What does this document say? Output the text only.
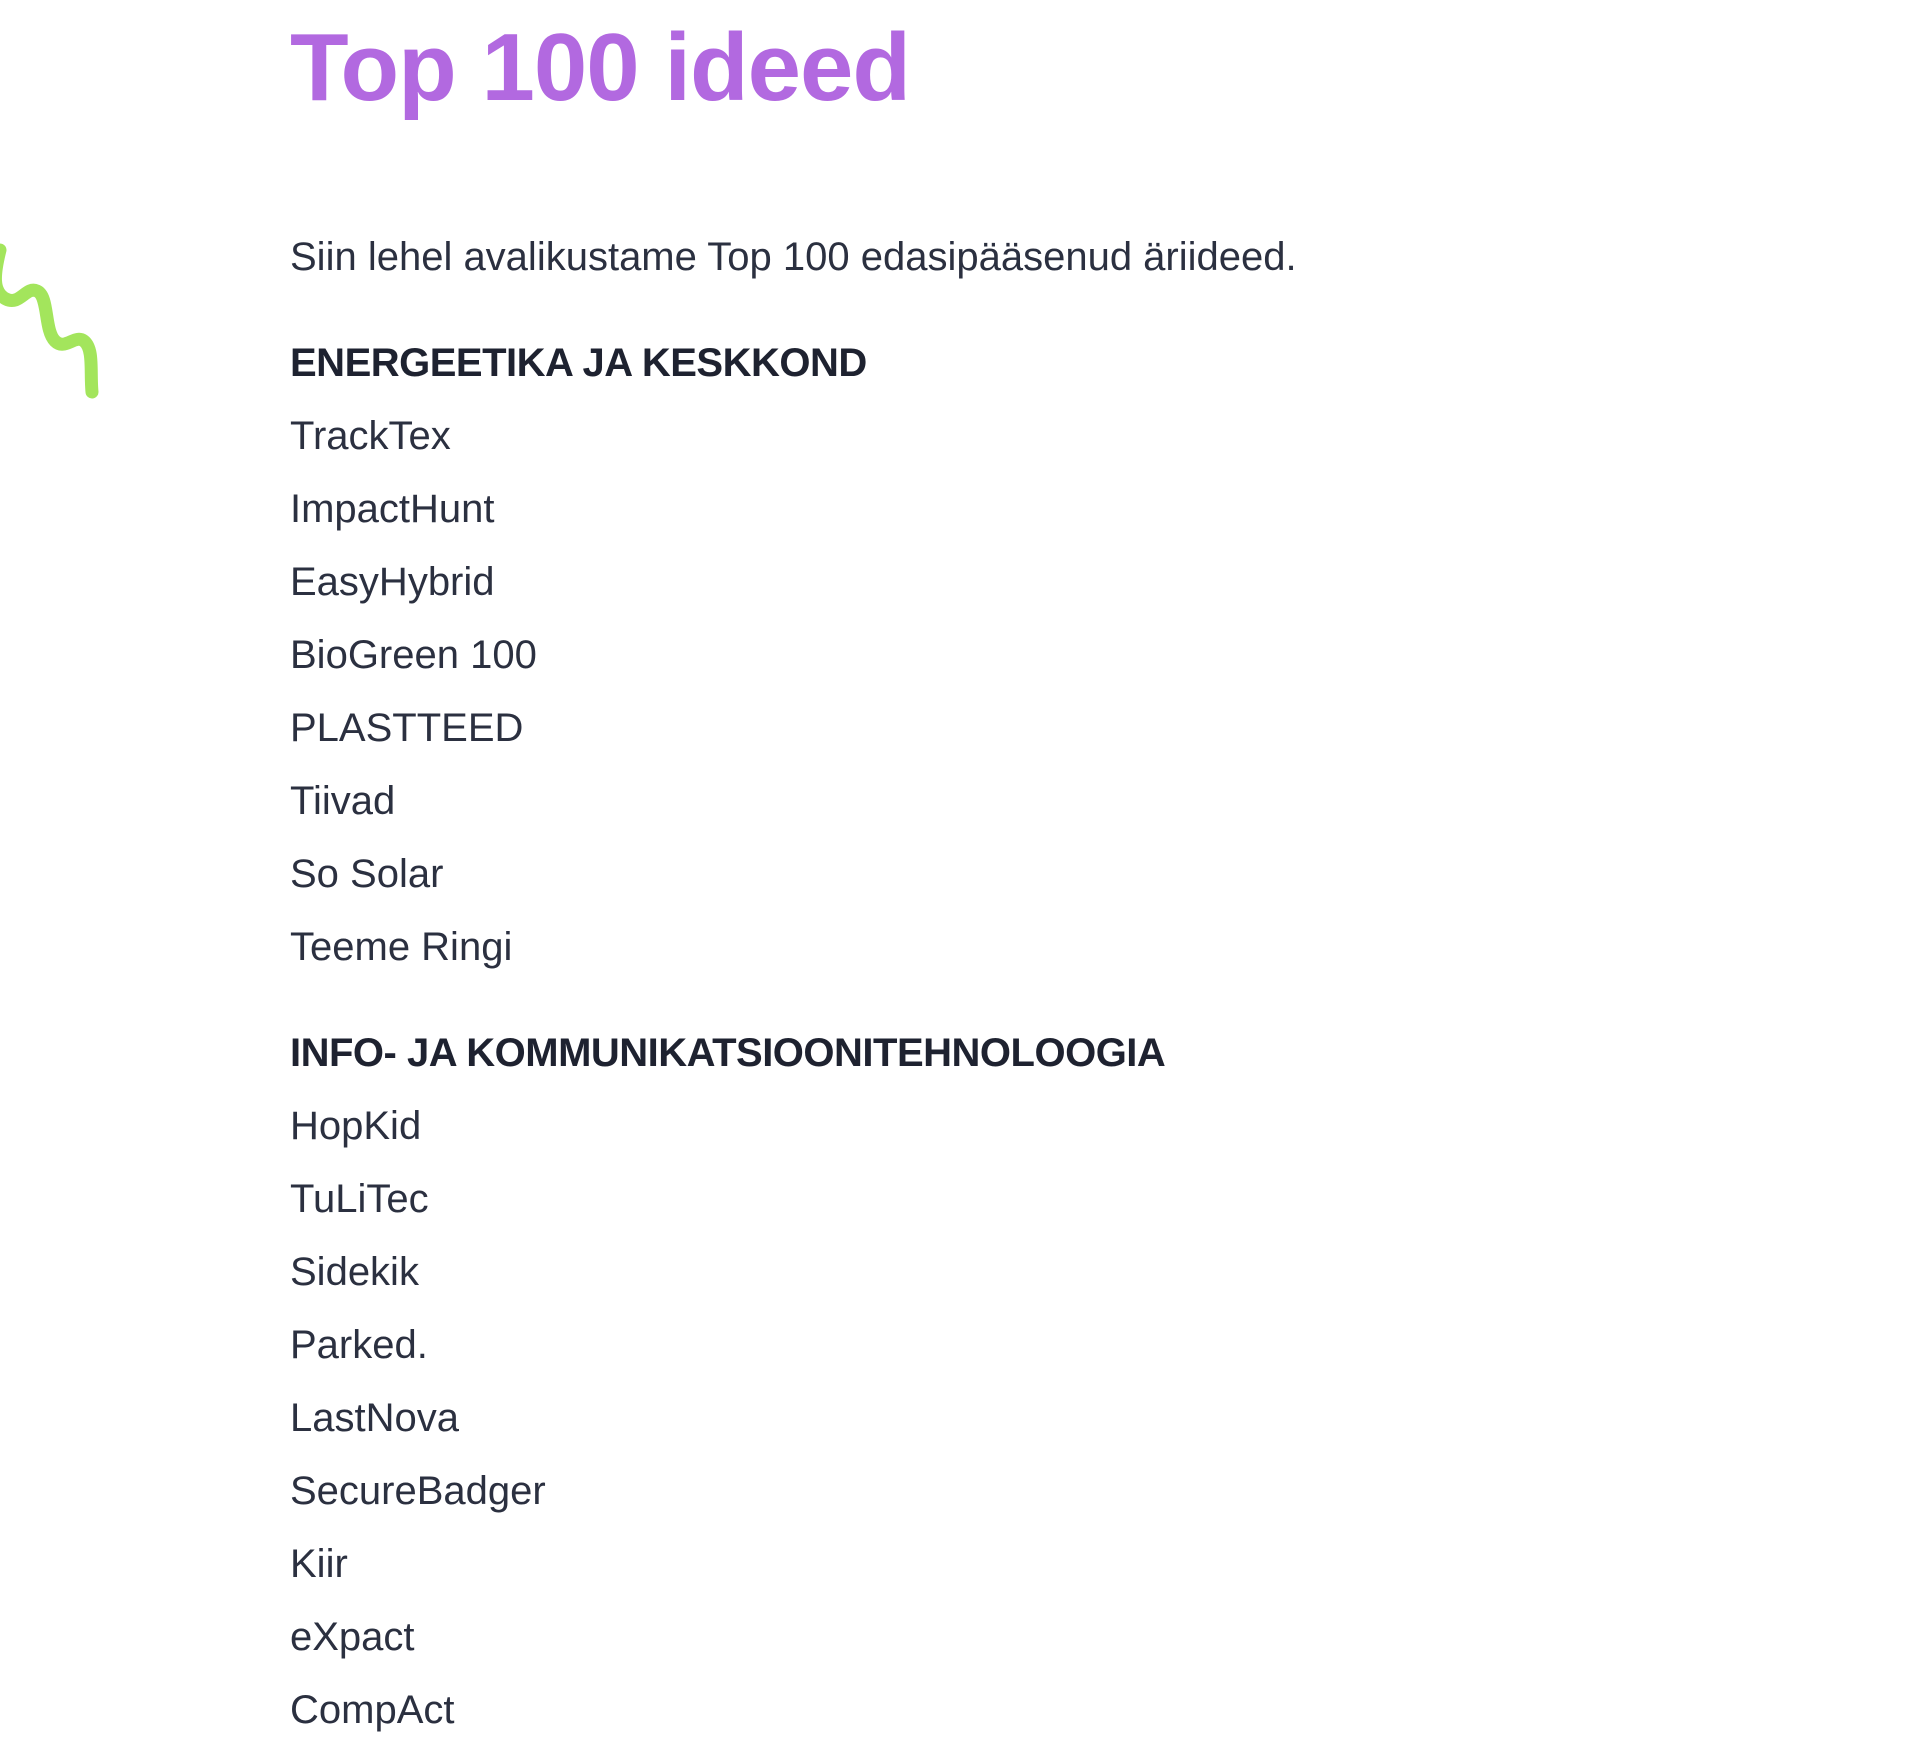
Top 100 ideed

Siin lehel avalikustame Top 100 edasipääsenud äriideed.

ENERGEETIKA JA KESKKOND

TrackTex

ImpactHunt

EasyHybrid

BioGreen 100

PLASTTEED

Tiivad

So Solar

Teeme Ringi

INFO- JA KOMMUNIKATSIOONITEHNOLOOGIA

HopKid

TuLiTec

Sidekik

Parked.

LastNova

SecureBadger

Kiir

eXpact

CompAct
